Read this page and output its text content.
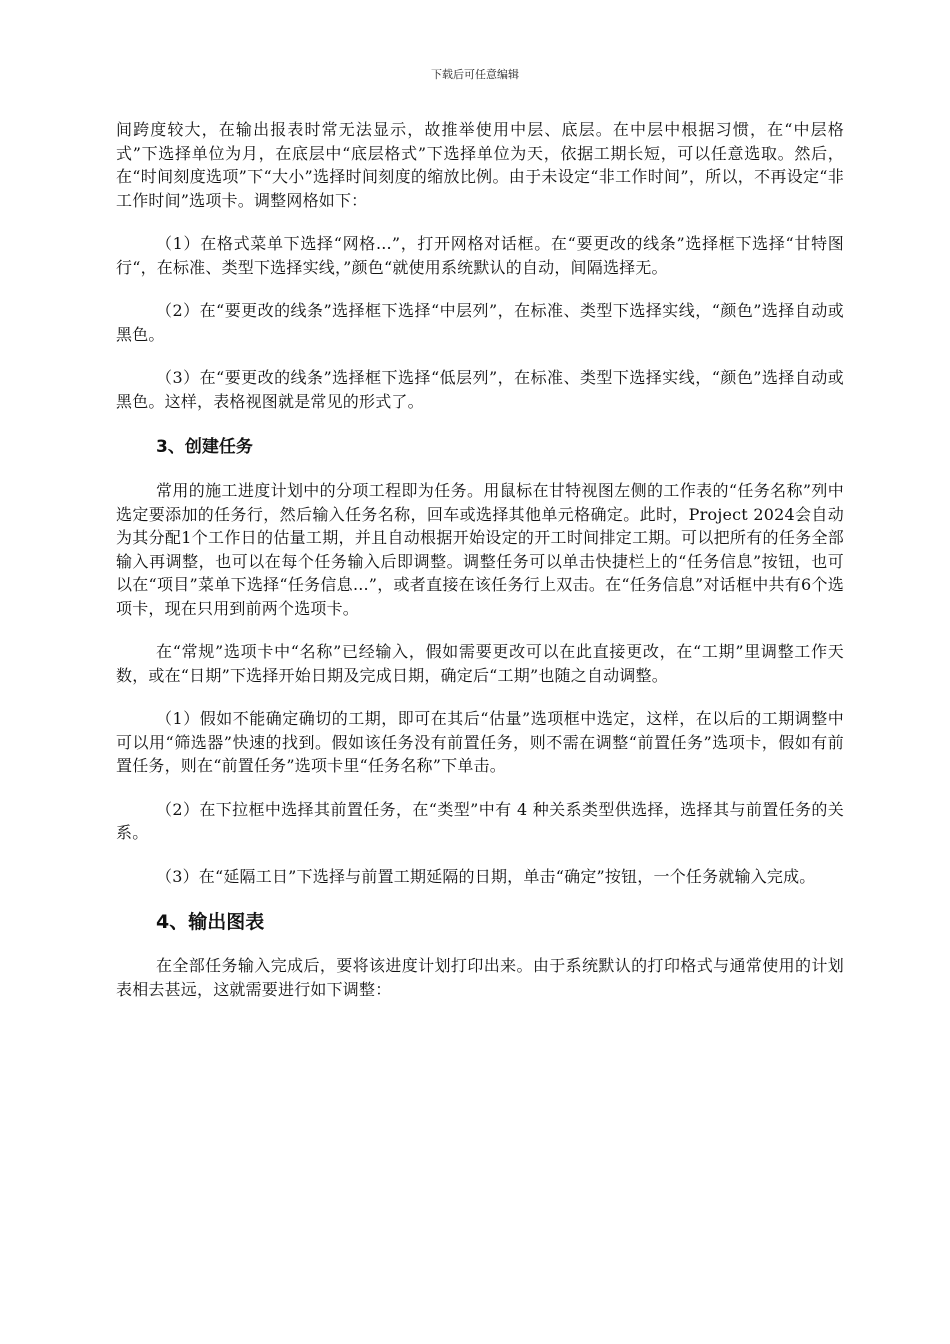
下载后可任意编辑

间跨度较大，在输出报表时常无法显示，故推举使用中层、底层。在中层中根据习惯，在“中层格式”下选择单位为月，在底层中“底层格式”下选择单位为天，依据工期长短，可以任意选取。然后，在“时间刻度选项”下“大小”选择时间刻度的缩放比例。由于未设定“非工作时间”，所以，不再设定“非工作时间”选项卡。调整网格如下：

（1）在格式菜单下选择“网格...”，打开网格对话框。在“要更改的线条”选择框下选择“甘特图行“，在标准、类型下选择实线，”颜色“就使用系统默认的自动，间隔选择无。

（2）在“要更改的线条”选择框下选择“中层列”，在标准、类型下选择实线，“颜色”选择自动或黑色。

（3）在“要更改的线条”选择框下选择“低层列”，在标准、类型下选择实线，“颜色”选择自动或黑色。这样，表格视图就是常见的形式了。

3、创建任务

常用的施工进度计划中的分项工程即为任务。用鼠标在甘特视图左侧的工作表的“任务名称”列中选定要添加的任务行，然后输入任务名称，回车或选择其他单元格确定。此时，Project 2024会自动为其分配1个工作日的估量工期，并且自动根据开始设定的开工时间排定工期。可以把所有的任务全部输入再调整，也可以在每个任务输入后即调整。调整任务可以单击快捷栏上的“任务信息”按钮，也可以在“项目”菜单下选择“任务信息...”，或者直接在该任务行上双击。在“任务信息”对话框中共有6个选项卡，现在只用到前两个选项卡。

在“常规”选项卡中“名称”已经输入，假如需要更改可以在此直接更改，在“工期”里调整工作天数，或在“日期”下选择开始日期及完成日期，确定后“工期”也随之自动调整。

（1）假如不能确定确切的工期，即可在其后“估量”选项框中选定，这样，在以后的工期调整中可以用“筛选器”快速的找到。假如该任务没有前置任务，则不需在调整“前置任务”选项卡，假如有前置任务，则在“前置任务”选项卡里“任务名称”下单击。

（2）在下拉框中选择其前置任务，在“类型”中有 4 种关系类型供选择，选择其与前置任务的关系。

（3）在“延隔工日”下选择与前置工期延隔的日期，单击“确定”按钮，一个任务就输入完成。

4、输出图表

在全部任务输入完成后，要将该进度计划打印出来。由于系统默认的打印格式与通常使用的计划表相去甚远，这就需要进行如下调整：
